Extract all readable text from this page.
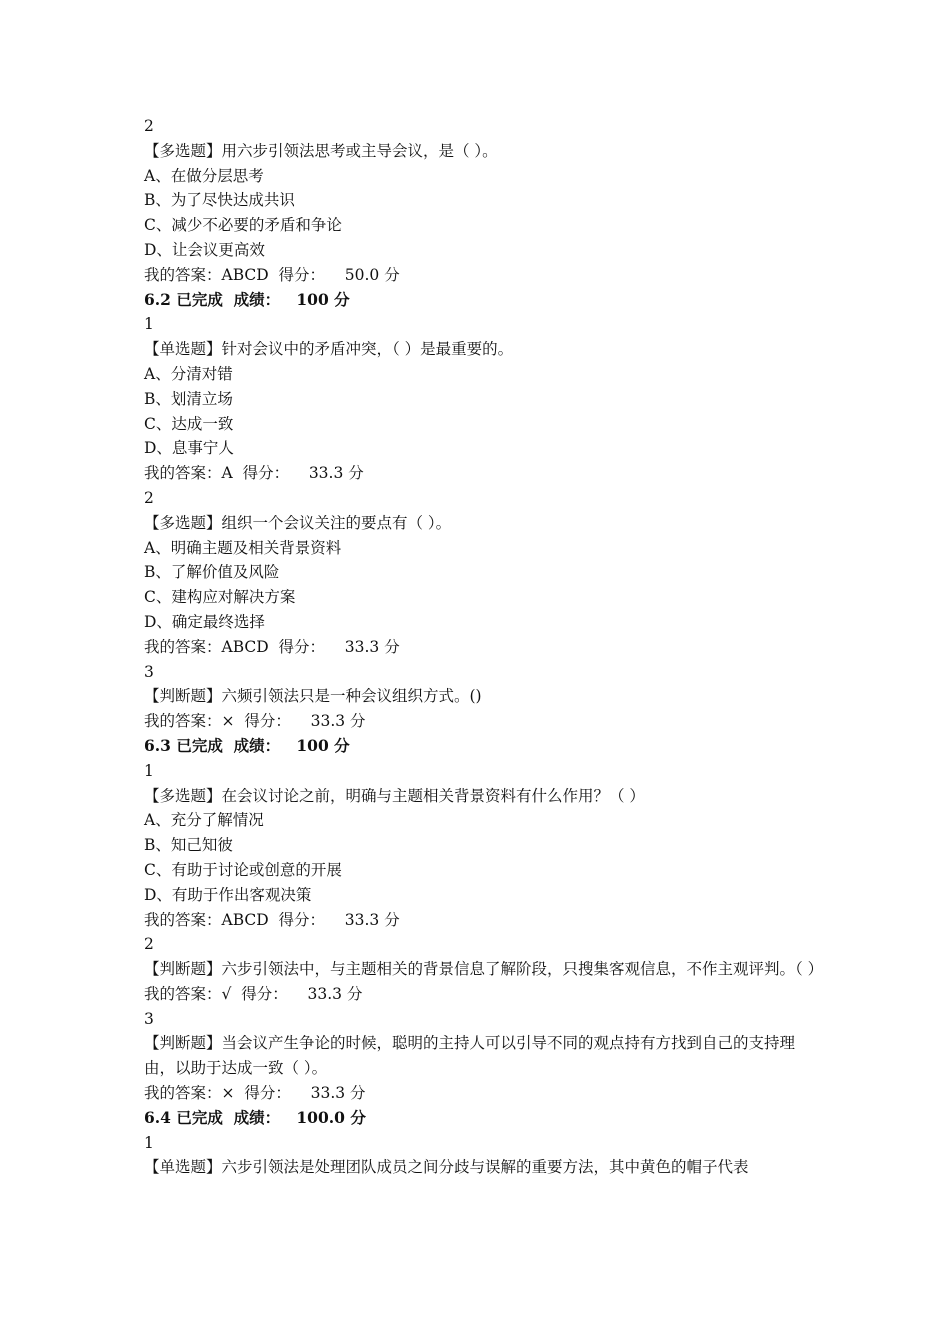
2
【多选题】用六步引领法思考或主导会议，是（ ）。
A、在做分层思考
B、为了尽快达成共识
C、减少不必要的矛盾和争论
D、让会议更高效
我的答案：ABCD 得分： 50.0 分
6.2 已完成 成绩： 100 分
1
【单选题】针对会议中的矛盾冲突，（ ）是最重要的。
A、分清对错
B、划清立场
C、达成一致
D、息事宁人
我的答案：A 得分： 33.3 分
2
【多选题】组织一个会议关注的要点有（ ）。
A、明确主题及相关背景资料
B、了解价值及风险
C、建构应对解决方案
D、确定最终选择
我的答案：ABCD 得分： 33.3 分
3
【判断题】六频引领法只是一种会议组织方式。()
我的答案：× 得分： 33.3 分
6.3 已完成 成绩： 100 分
1
【多选题】在会议讨论之前，明确与主题相关背景资料有什么作用？（ ）
A、充分了解情况
B、知己知彼
C、有助于讨论或创意的开展
D、有助于作出客观决策
我的答案：ABCD 得分： 33.3 分
2
【判断题】六步引领法中，与主题相关的背景信息了解阶段，只搜集客观信息，不作主观评判。（ ）
我的答案：√ 得分： 33.3 分
3
【判断题】当会议产生争论的时候，聪明的主持人可以引导不同的观点持有方找到自己的支持理由，以助于达成一致（ ）。
我的答案：× 得分： 33.3 分
6.4 已完成 成绩： 100.0 分
1
【单选题】六步引领法是处理团队成员之间分歧与误解的重要方法，其中黄色的帽子代表
